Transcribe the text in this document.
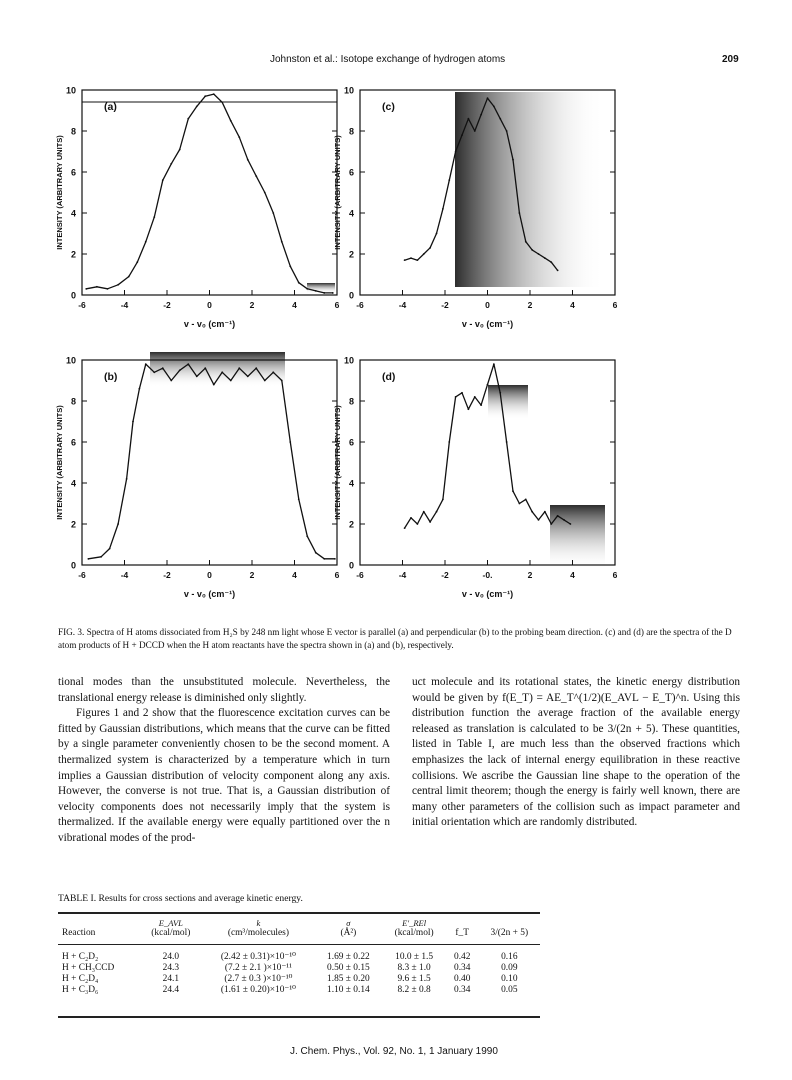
Johnston et al.: Isotope exchange of hydrogen atoms	209
0
2
4
6
8
10
-6	-4	-2	0	2	4	6
v - v₀ (cm⁻¹)
INTENSITY (ARBITRARY UNITS)
(a)
0
2
4
6
8
10
-6	-4	-2	0	2	4	6
v - v₀ (cm⁻¹)
INTENSITY (ARBITRARY UNITS)
(c)
0
2
4
6
8
10
-6	-4	-2	0	2	4	6
v - v₀ (cm⁻¹)
INTENSITY (ARBITRARY UNITS)
(b)
0
2
4
6
8
10
-6	-4	-2	-0.	2	4	6
v - v₀ (cm⁻¹)
INTENSITY (ARBITRARY UNITS)
(d)
FIG. 3. Spectra of H atoms dissociated from H₂S by 248 nm light whose E vector is parallel (a) and perpendicular (b) to the probing beam direction. (c) and (d) are the spectra of the D atom products of H + DCCD when the H atom reactants have the spectra shown in (a) and (b), respectively.

tional modes than the unsubstituted molecule. Nevertheless, the translational energy release is diminished only slightly.

Figures 1 and 2 show that the fluorescence excitation curves can be fitted by Gaussian distributions, which means that the curve can be fitted by a single parameter conveniently chosen to be the second moment. A thermalized system is characterized by a temperature which in turn implies a Gaussian distribution of velocity component along any axis. However, the converse is not true. That is, a Gaussian distribution of velocity components does not necessarily imply that the system is thermalized. If the available energy were equally partitioned over the n vibrational modes of the prod-

uct molecule and its rotational states, the kinetic energy distribution would be given by f(E_T) = AE_T^(1/2)(E_AVL − E_T)^n. Using this distribution function the average fraction of the available energy released as translation is calculated to be 3/(2n + 5). These quantities, listed in Table I, are much less than the observed fractions which emphasizes the lack of internal energy equilibration in these reactive collisions. We ascribe the Gaussian line shape to the operation of the central limit theorem; though the energy is fairly well known, there are many other parameters of the collision such as impact parameter and initial orientation which are randomly distributed.

TABLE I. Results for cross sections and average kinetic energy.
	E_AVL	k	σ	E'_REl		
Reaction	(kcal/mol)	(cm³/molecules)	(Å²)	(kcal/mol)	f_T	3/(2n + 5)
H + C₂D₂	24.0	(2.42 ± 0.31)×10⁻¹⁰	1.69 ± 0.22	10.0 ± 1.5	0.42	0.16
H + CH₃CCD	24.3	(7.2 ± 2.1 )×10⁻¹¹	0.50 ± 0.15	8.3 ± 1.0	0.34	0.09
H + C₂D₄	24.1	(2.7 ± 0.3 )×10⁻¹⁰	1.85 ± 0.20	9.6 ± 1.5	0.40	0.10
H + C₃D₆	24.4	(1.61 ± 0.20)×10⁻¹⁰	1.10 ± 0.14	8.2 ± 0.8	0.34	0.05
J. Chem. Phys., Vol. 92, No. 1, 1 January 1990
